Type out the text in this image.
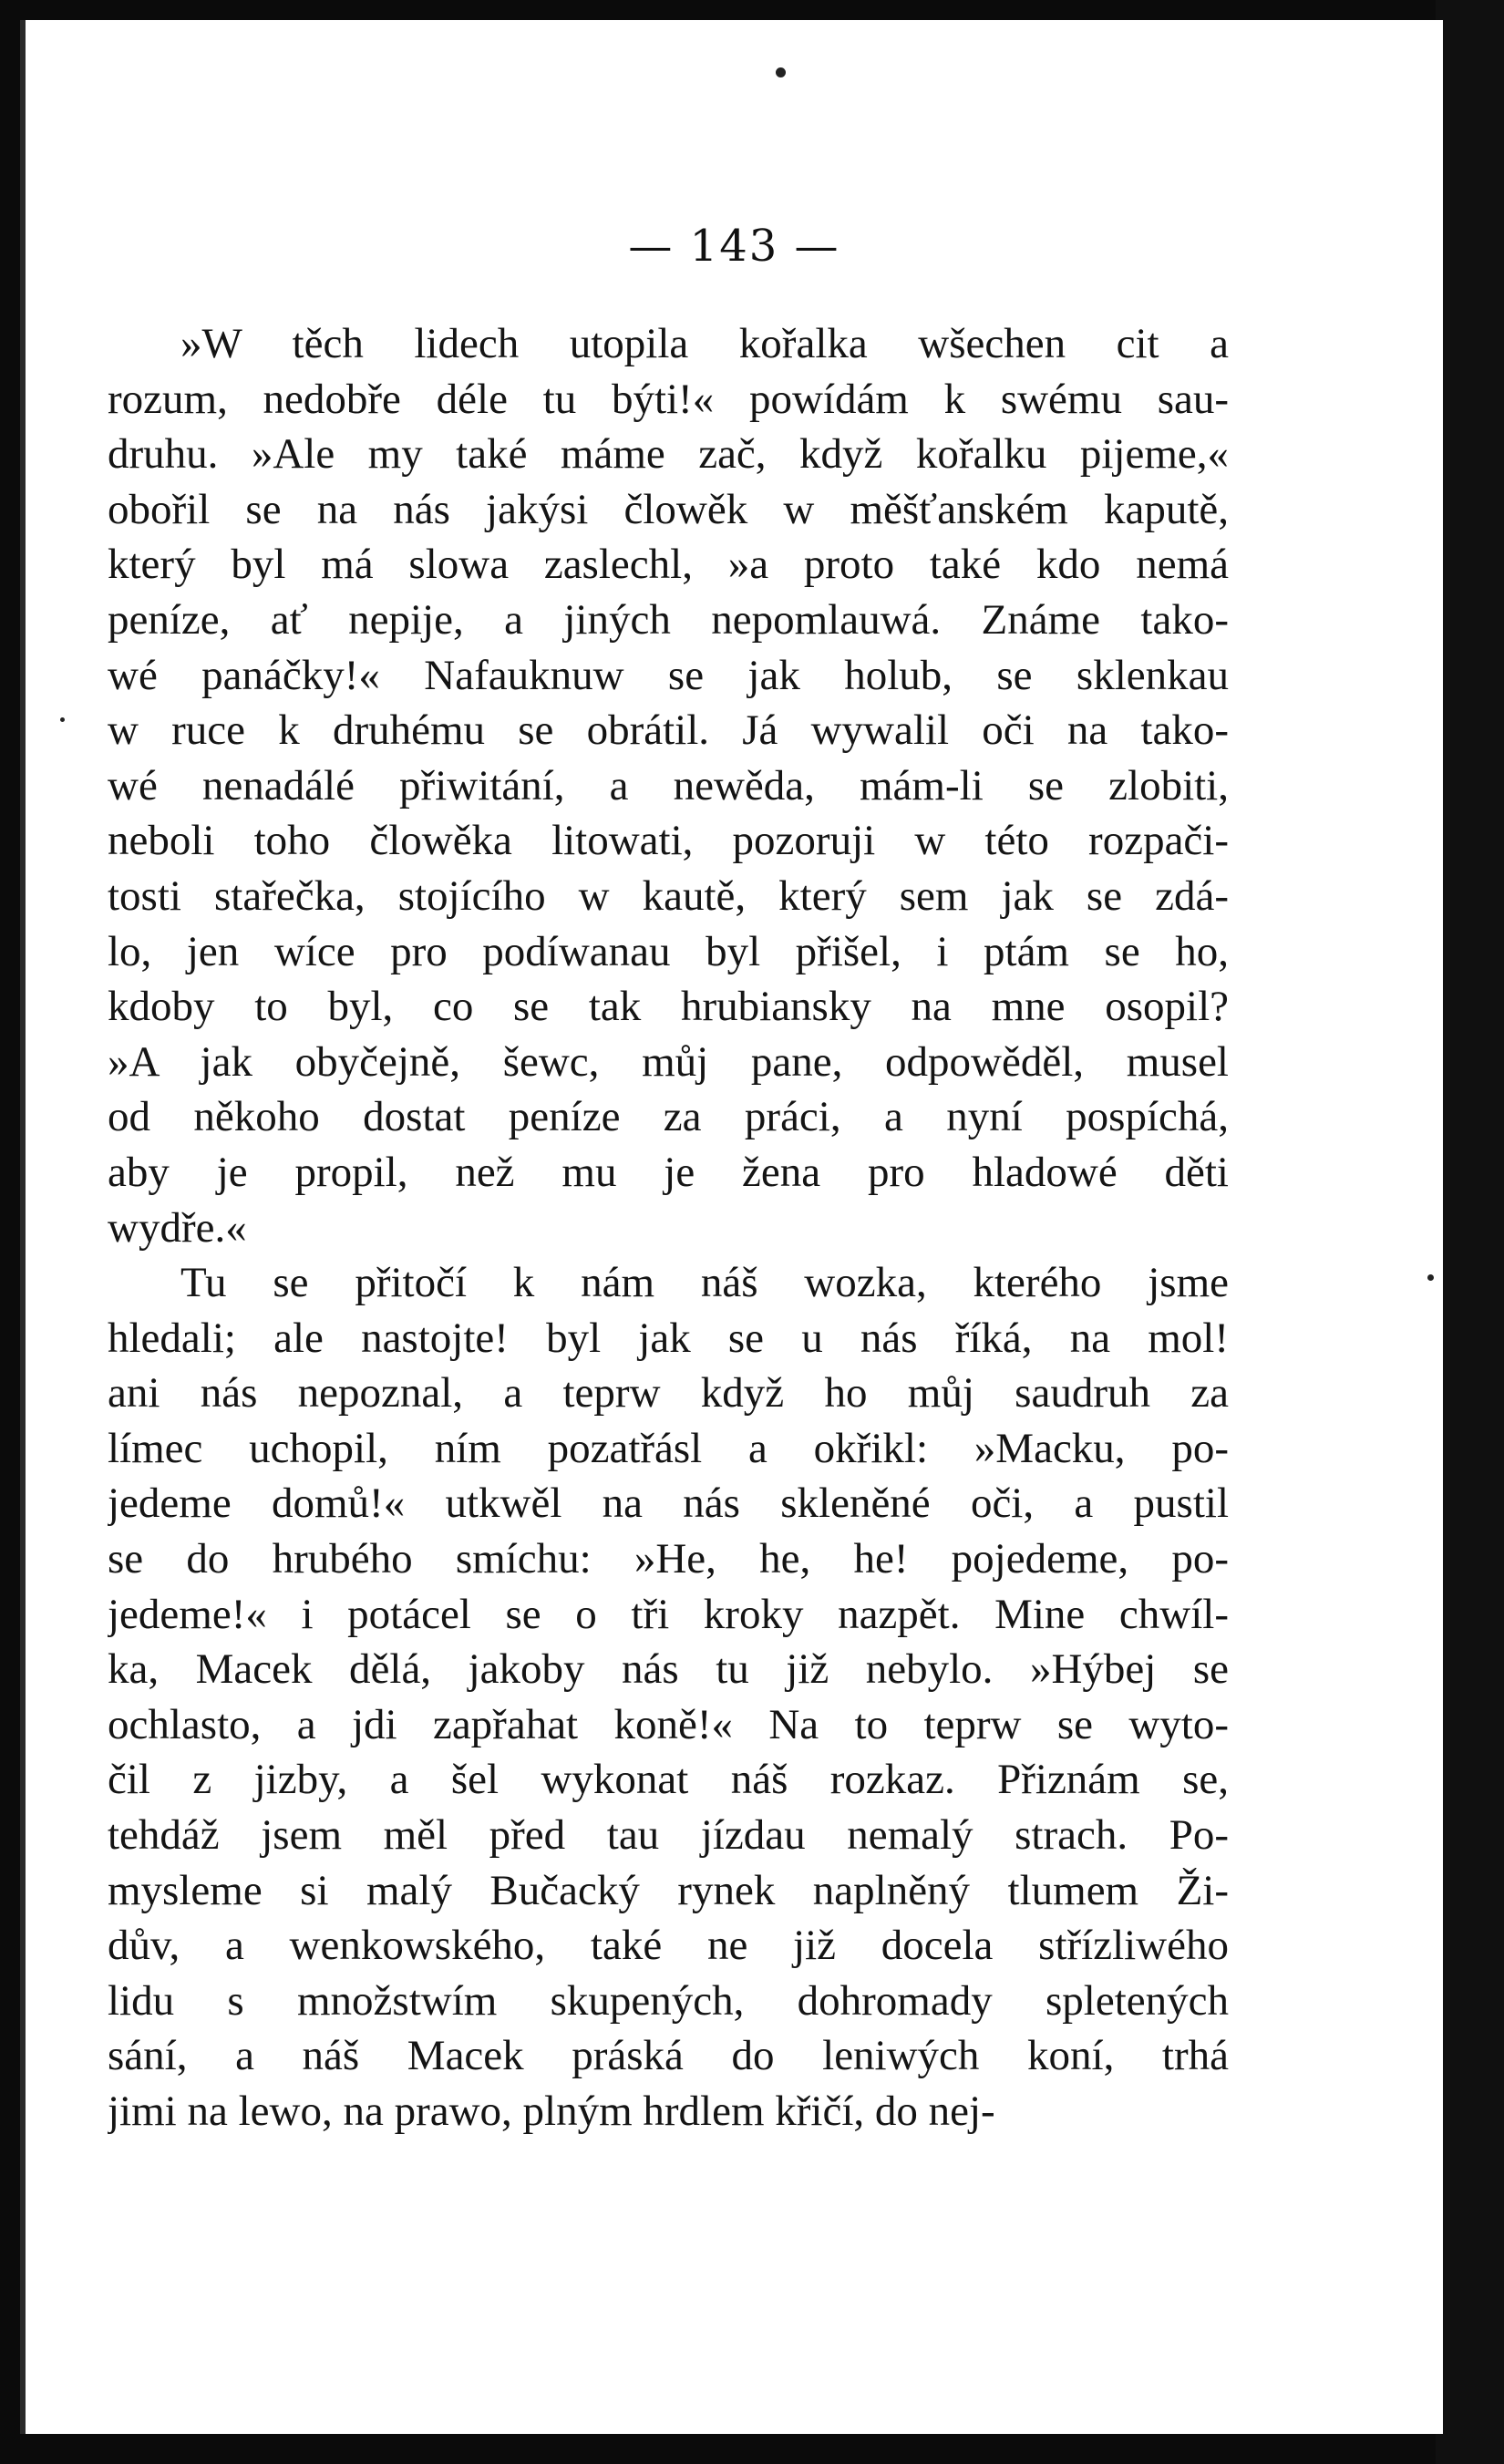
— 143 —
»W těch lidech utopila kořalka wšechen cit a
rozum, nedobře déle tu býti!« powídám k swému sau-
druhu. »Ale my také máme zač, když kořalku pijeme,«
obořil se na nás jakýsi člowěk w měšťanském kaputě,
který byl má slowa zaslechl, »a proto také kdo nemá
peníze, ať nepije, a jiných nepomlauwá. Známe tako-
wé panáčky!« Nafauknuw se jak holub, se sklenkau
w ruce k druhému se obrátil. Já wywalil oči na tako-
wé nenadálé přiwitání, a newěda, mám-li se zlobiti,
neboli toho člowěka litowati, pozoruji w této rozpači-
tosti stařečka, stojícího w kautě, který sem jak se zdá-
lo, jen wíce pro podíwanau byl přišel, i ptám se ho,
kdoby to byl, co se tak hrubiansky na mne osopil?
»A jak obyčejně, šewc, můj pane, odpowěděl, musel
od někoho dostat peníze za práci, a nyní pospíchá,
aby je propil, než mu je žena pro hladowé děti
wydře.«
Tu se přitočí k nám náš wozka, kterého jsme
hledali; ale nastojte! byl jak se u nás říká, na mol!
ani nás nepoznal, a teprw když ho můj saudruh za
límec uchopil, ním pozatřásl a okřikl: »Macku, po-
jedeme domů!« utkwěl na nás skleněné oči, a pustil
se do hrubého smíchu: »He, he, he! pojedeme, po-
jedeme!« i potácel se o tři kroky nazpět. Mine chwíl-
ka, Macek dělá, jakoby nás tu již nebylo. »Hýbej se
ochlasto, a jdi zapřahat koně!« Na to teprw se wyto-
čil z jizby, a šel wykonat náš rozkaz. Přiznám se,
tehdáž jsem měl před tau jízdau nemalý strach. Po-
mysleme si malý Bučacký rynek naplněný tlumem Ži-
dův, a wenkowského, také ne již docela střízliwého
lidu s množstwím skupených, dohromady spletených
sání, a náš Macek práská do leniwých koní, trhá
jimi na lewo, na prawo, plným hrdlem křičí, do nej-
